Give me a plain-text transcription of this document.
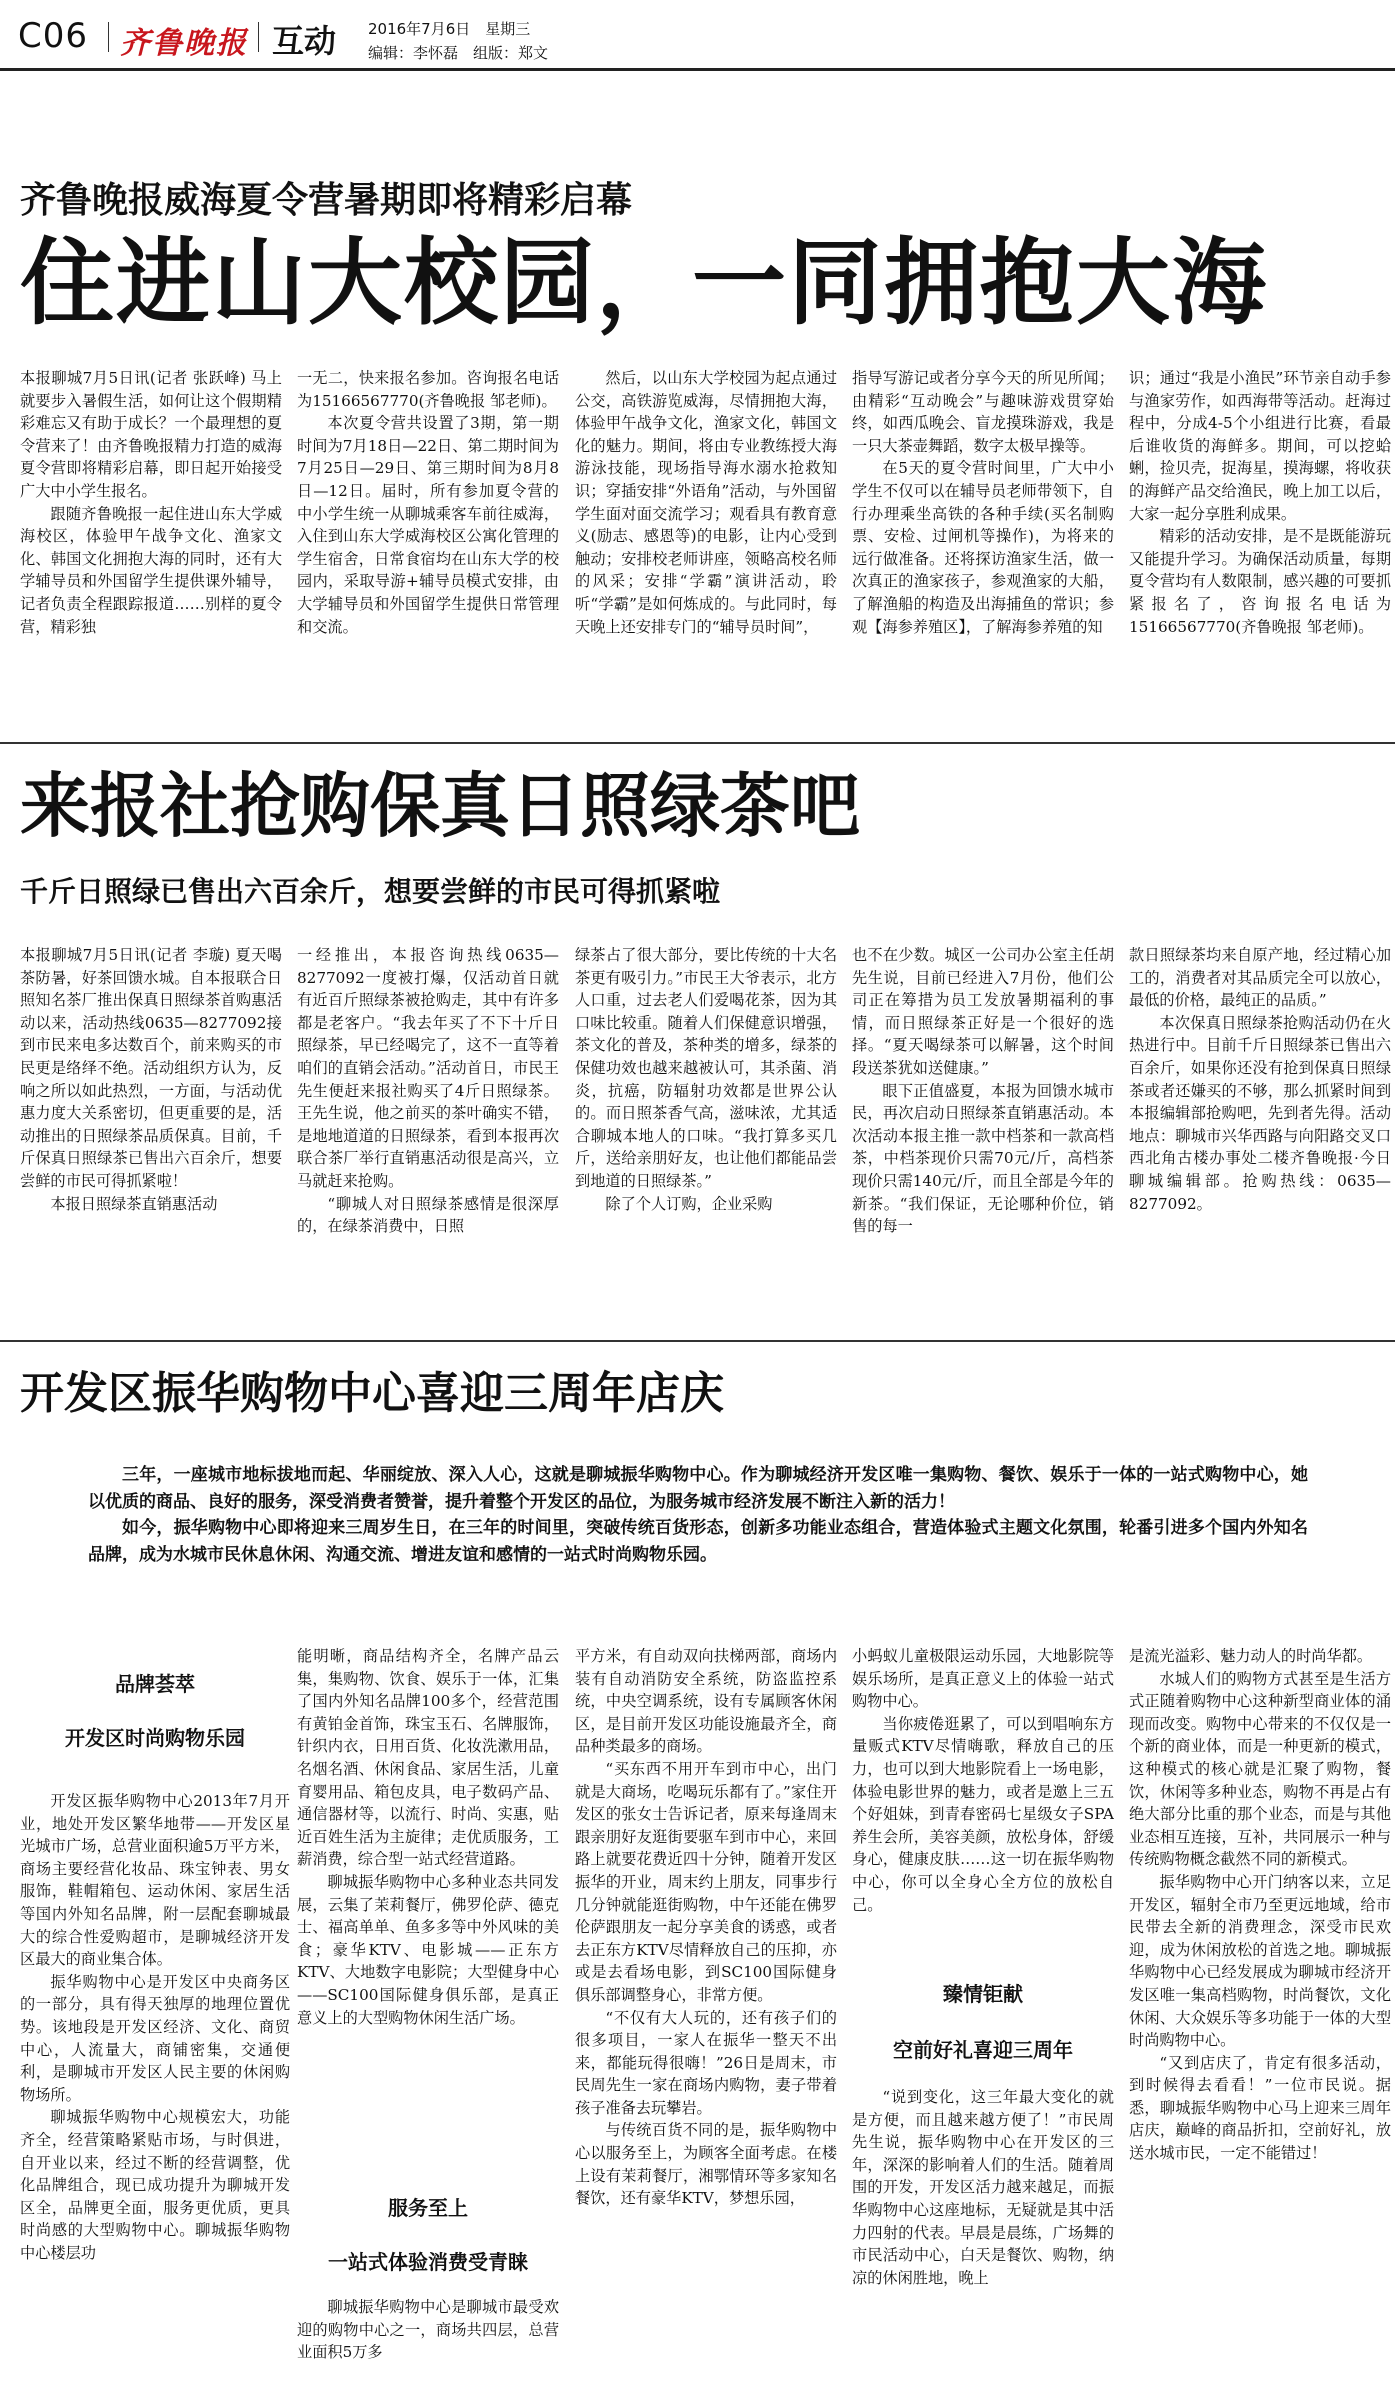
C06 齐鲁晚报 互动 2016年7月6日　星期三
编辑：李怀磊　组版：郑文
齐鲁晚报威海夏令营暑期即将精彩启幕
住进山大校园，一同拥抱大海

本报聊城7月5日讯(记者 张跃峰) 马上就要步入暑假生活，如何让这个假期精彩难忘又有助于成长？一个最理想的夏令营来了！由齐鲁晚报精力打造的威海夏令营即将精彩启幕，即日起开始接受广大中小学生报名。

跟随齐鲁晚报一起住进山东大学威海校区，体验甲午战争文化、渔家文化、韩国文化拥抱大海的同时，还有大学辅导员和外国留学生提供课外辅导，记者负责全程跟踪报道……别样的夏令营，精彩独

一无二，快来报名参加。咨询报名电话为15166567770(齐鲁晚报 邹老师)。

本次夏令营共设置了3期，第一期时间为7月18日—22日、第二期时间为7月25日—29日、第三期时间为8月8日—12日。届时，所有参加夏令营的中小学生统一从聊城乘客车前往威海，入住到山东大学威海校区公寓化管理的学生宿舍，日常食宿均在山东大学的校园内，采取导游+辅导员模式安排，由大学辅导员和外国留学生提供日常管理和交流。

然后，以山东大学校园为起点通过公交，高铁游览威海，尽情拥抱大海，体验甲午战争文化，渔家文化，韩国文化的魅力。期间，将由专业教练授大海游泳技能，现场指导海水溺水抢救知识；穿插安排“外语角”活动，与外国留学生面对面交流学习；观看具有教育意义(励志、感恩等)的电影，让内心受到触动；安排校老师讲座，领略高校名师的风采；安排“学霸”演讲活动，聆听“学霸”是如何炼成的。与此同时，每天晚上还安排专门的“辅导员时间”，

指导写游记或者分享今天的所见所闻；由精彩“互动晚会”与趣味游戏贯穿始终，如西瓜晚会、盲龙摸珠游戏，我是一只大茶壶舞蹈，数字太极早操等。

在5天的夏令营时间里，广大中小学生不仅可以在辅导员老师带领下，自行办理乘坐高铁的各种手续(买名制购票、安检、过闸机等操作)，为将来的远行做准备。还将探访渔家生活，做一次真正的渔家孩子，参观渔家的大船，了解渔船的构造及出海捕鱼的常识；参观【海参养殖区】，了解海参养殖的知

识；通过“我是小渔民”环节亲自动手参与渔家劳作，如西海带等活动。赶海过程中，分成4-5个小组进行比赛，看最后谁收货的海鲜多。期间，可以挖蛤蜊，捡贝壳，捉海星，摸海螺，将收获的海鲜产品交给渔民，晚上加工以后，大家一起分享胜利成果。

精彩的活动安排，是不是既能游玩又能提升学习。为确保活动质量，每期夏令营均有人数限制，感兴趣的可要抓紧报名了，咨询报名电话为15166567770(齐鲁晚报 邹老师)。

来报社抢购保真日照绿茶吧
千斤日照绿已售出六百余斤，想要尝鲜的市民可得抓紧啦

本报聊城7月5日讯(记者 李璇) 夏天喝茶防暑，好茶回馈水城。自本报联合日照知名茶厂推出保真日照绿茶首购惠活动以来，活动热线0635—8277092接到市民来电多达数百个，前来购买的市民更是络绎不绝。活动组织方认为，反响之所以如此热烈，一方面，与活动优惠力度大关系密切，但更重要的是，活动推出的日照绿茶品质保真。目前，千斤保真日照绿茶已售出六百余斤，想要尝鲜的市民可得抓紧啦！

本报日照绿茶直销惠活动

一经推出，本报咨询热线0635—8277092一度被打爆，仅活动首日就有近百斤照绿茶被抢购走，其中有许多都是老客户。“我去年买了不下十斤日照绿茶，早已经喝完了，这不一直等着咱们的直销会活动。”活动首日，市民王先生便赶来报社购买了4斤日照绿茶。王先生说，他之前买的茶叶确实不错，是地地道道的日照绿茶，看到本报再次联合茶厂举行直销惠活动很是高兴，立马就赶来抢购。

“聊城人对日照绿茶感情是很深厚的，在绿茶消费中，日照

绿茶占了很大部分，要比传统的十大名茶更有吸引力。”市民王大爷表示，北方人口重，过去老人们爱喝花茶，因为其口味比较重。随着人们保健意识增强，茶文化的普及，茶种类的增多，绿茶的保健功效也越来越被认可，其杀菌、消炎，抗癌，防辐射功效都是世界公认的。而日照茶香气高，滋味浓，尤其适合聊城本地人的口味。“我打算多买几斤，送给亲朋好友，也让他们都能品尝到地道的日照绿茶。”

除了个人订购，企业采购

也不在少数。城区一公司办公室主任胡先生说，目前已经进入7月份，他们公司正在筹措为员工发放暑期福利的事情，而日照绿茶正好是一个很好的选择。“夏天喝绿茶可以解暑，这个时间段送茶犹如送健康。”

眼下正值盛夏，本报为回馈水城市民，再次启动日照绿茶直销惠活动。本次活动本报主推一款中档茶和一款高档茶，中档茶现价只需70元/斤，高档茶现价只需140元/斤，而且全部是今年的新茶。“我们保证，无论哪种价位，销售的每一

款日照绿茶均来自原产地，经过精心加工的，消费者对其品质完全可以放心，最低的价格，最纯正的品质。”

本次保真日照绿茶抢购活动仍在火热进行中。目前千斤日照绿茶已售出六百余斤，如果你还没有抢到保真日照绿茶或者还嫌买的不够，那么抓紧时间到本报编辑部抢购吧，先到者先得。活动地点：聊城市兴华西路与向阳路交叉口西北角古楼办事处二楼齐鲁晚报·今日聊城编辑部。抢购热线：0635—8277092。

开发区振华购物中心喜迎三周年店庆

三年，一座城市地标拔地而起、华丽绽放、深入人心，这就是聊城振华购物中心。作为聊城经济开发区唯一集购物、餐饮、娱乐于一体的一站式购物中心，她以优质的商品、良好的服务，深受消费者赞誉，提升着整个开发区的品位，为服务城市经济发展不断注入新的活力！

如今，振华购物中心即将迎来三周岁生日，在三年的时间里，突破传统百货形态，创新多功能业态组合，营造体验式主题文化氛围，轮番引进多个国内外知名品牌，成为水城市民休息休闲、沟通交流、增进友谊和感情的一站式时尚购物乐园。

品牌荟萃
开发区时尚购物乐园

开发区振华购物中心2013年7月开业，地处开发区繁华地带——开发区星光城市广场，总营业面积逾5万平方米，商场主要经营化妆品、珠宝钟表、男女服饰，鞋帽箱包、运动休闲、家居生活等国内外知名品牌，附一层配套聊城最大的综合性爱购超市，是聊城经济开发区最大的商业集合体。

振华购物中心是开发区中央商务区的一部分，具有得天独厚的地理位置优势。该地段是开发区经济、文化、商贸中心，人流量大，商铺密集，交通便利，是聊城市开发区人民主要的休闲购物场所。

聊城振华购物中心规模宏大，功能齐全，经营策略紧贴市场，与时俱进，自开业以来，经过不断的经营调整，优化品牌组合，现已成功提升为聊城开发区全，品牌更全面，服务更优质，更具时尚感的大型购物中心。聊城振华购物中心楼层功

能明晰，商品结构齐全，名牌产品云集，集购物、饮食、娱乐于一体，汇集了国内外知名品牌100多个，经营范围有黄铂金首饰，珠宝玉石、名牌服饰，针织内衣，日用百货、化妆洗漱用品，名烟名酒、休闲食品、家居生活，儿童育婴用品、箱包皮具，电子数码产品、通信器材等，以流行、时尚、实惠，贴近百姓生活为主旋律；走优质服务，工薪消费，综合型一站式经营道路。

聊城振华购物中心多种业态共同发展，云集了茉莉餐厅，佛罗伦萨、德克士、福高单单、鱼多多等中外风味的美食；豪华KTV、电影城——正东方KTV、大地数字电影院；大型健身中心——SC100国际健身俱乐部，是真正意义上的大型购物休闲生活广场。

服务至上
一站式体验消费受青睐

聊城振华购物中心是聊城市最受欢迎的购物中心之一，商场共四层，总营业面积5万多

平方米，有自动双向扶梯两部，商场内装有自动消防安全系统，防盗监控系统，中央空调系统，设有专属顾客休闲区，是目前开发区功能设施最齐全，商品种类最多的商场。

“买东西不用开车到市中心，出门就是大商场，吃喝玩乐都有了。”家住开发区的张女士告诉记者，原来每逢周末跟亲朋好友逛街要驱车到市中心，来回路上就要花费近四十分钟，随着开发区振华的开业，周末约上朋友，同事步行几分钟就能逛街购物，中午还能在佛罗伦萨跟朋友一起分享美食的诱惑，或者去正东方KTV尽情释放自己的压抑，亦或是去看场电影，到SC100国际健身俱乐部调整身心，非常方便。

“不仅有大人玩的，还有孩子们的很多项目，一家人在振华一整天不出来，都能玩得很嗨！”26日是周末，市民周先生一家在商场内购物，妻子带着孩子准备去玩攀岩。

与传统百货不同的是，振华购物中心以服务至上，为顾客全面考虑。在楼上设有茉莉餐厅，湘鄂情环等多家知名餐饮，还有豪华KTV，梦想乐园，

小蚂蚁儿童极限运动乐园，大地影院等娱乐场所，是真正意义上的体验一站式购物中心。

当你疲倦逛累了，可以到唱响东方量贩式KTV尽情嗨歌，释放自己的压力，也可以到大地影院看上一场电影，体验电影世界的魅力，或者是邀上三五个好姐妹，到青春密码七星级女子SPA养生会所，美容美颜，放松身体，舒缓身心，健康皮肤……这一切在振华购物中心，你可以全身心全方位的放松自己。

臻情钜献
空前好礼喜迎三周年

“说到变化，这三年最大变化的就是方便，而且越来越方便了！”市民周先生说，振华购物中心在开发区的三年，深深的影响着人们的生活。随着周围的开发，开发区活力越来越足，而振华购物中心这座地标，无疑就是其中活力四射的代表。早晨是晨练，广场舞的市民活动中心，白天是餐饮、购物，纳凉的休闲胜地，晚上

是流光溢彩、魅力动人的时尚华都。

水城人们的购物方式甚至是生活方式正随着购物中心这种新型商业体的涌现而改变。购物中心带来的不仅仅是一个新的商业体，而是一种更新的模式，这种模式的核心就是汇聚了购物，餐饮，休闲等多种业态，购物不再是占有绝大部分比重的那个业态，而是与其他业态相互连接，互补，共同展示一种与传统购物概念截然不同的新模式。

振华购物中心开门纳客以来，立足开发区，辐射全市乃至更远地域，给市民带去全新的消费理念，深受市民欢迎，成为休闲放松的首选之地。聊城振华购物中心已经发展成为聊城市经济开发区唯一集高档购物，时尚餐饮，文化休闲、大众娱乐等多功能于一体的大型时尚购物中心。

“又到店庆了，肯定有很多活动，到时候得去看看！”一位市民说。据悉，聊城振华购物中心马上迎来三周年店庆，巅峰的商品折扣，空前好礼，放送水城市民，一定不能错过！
